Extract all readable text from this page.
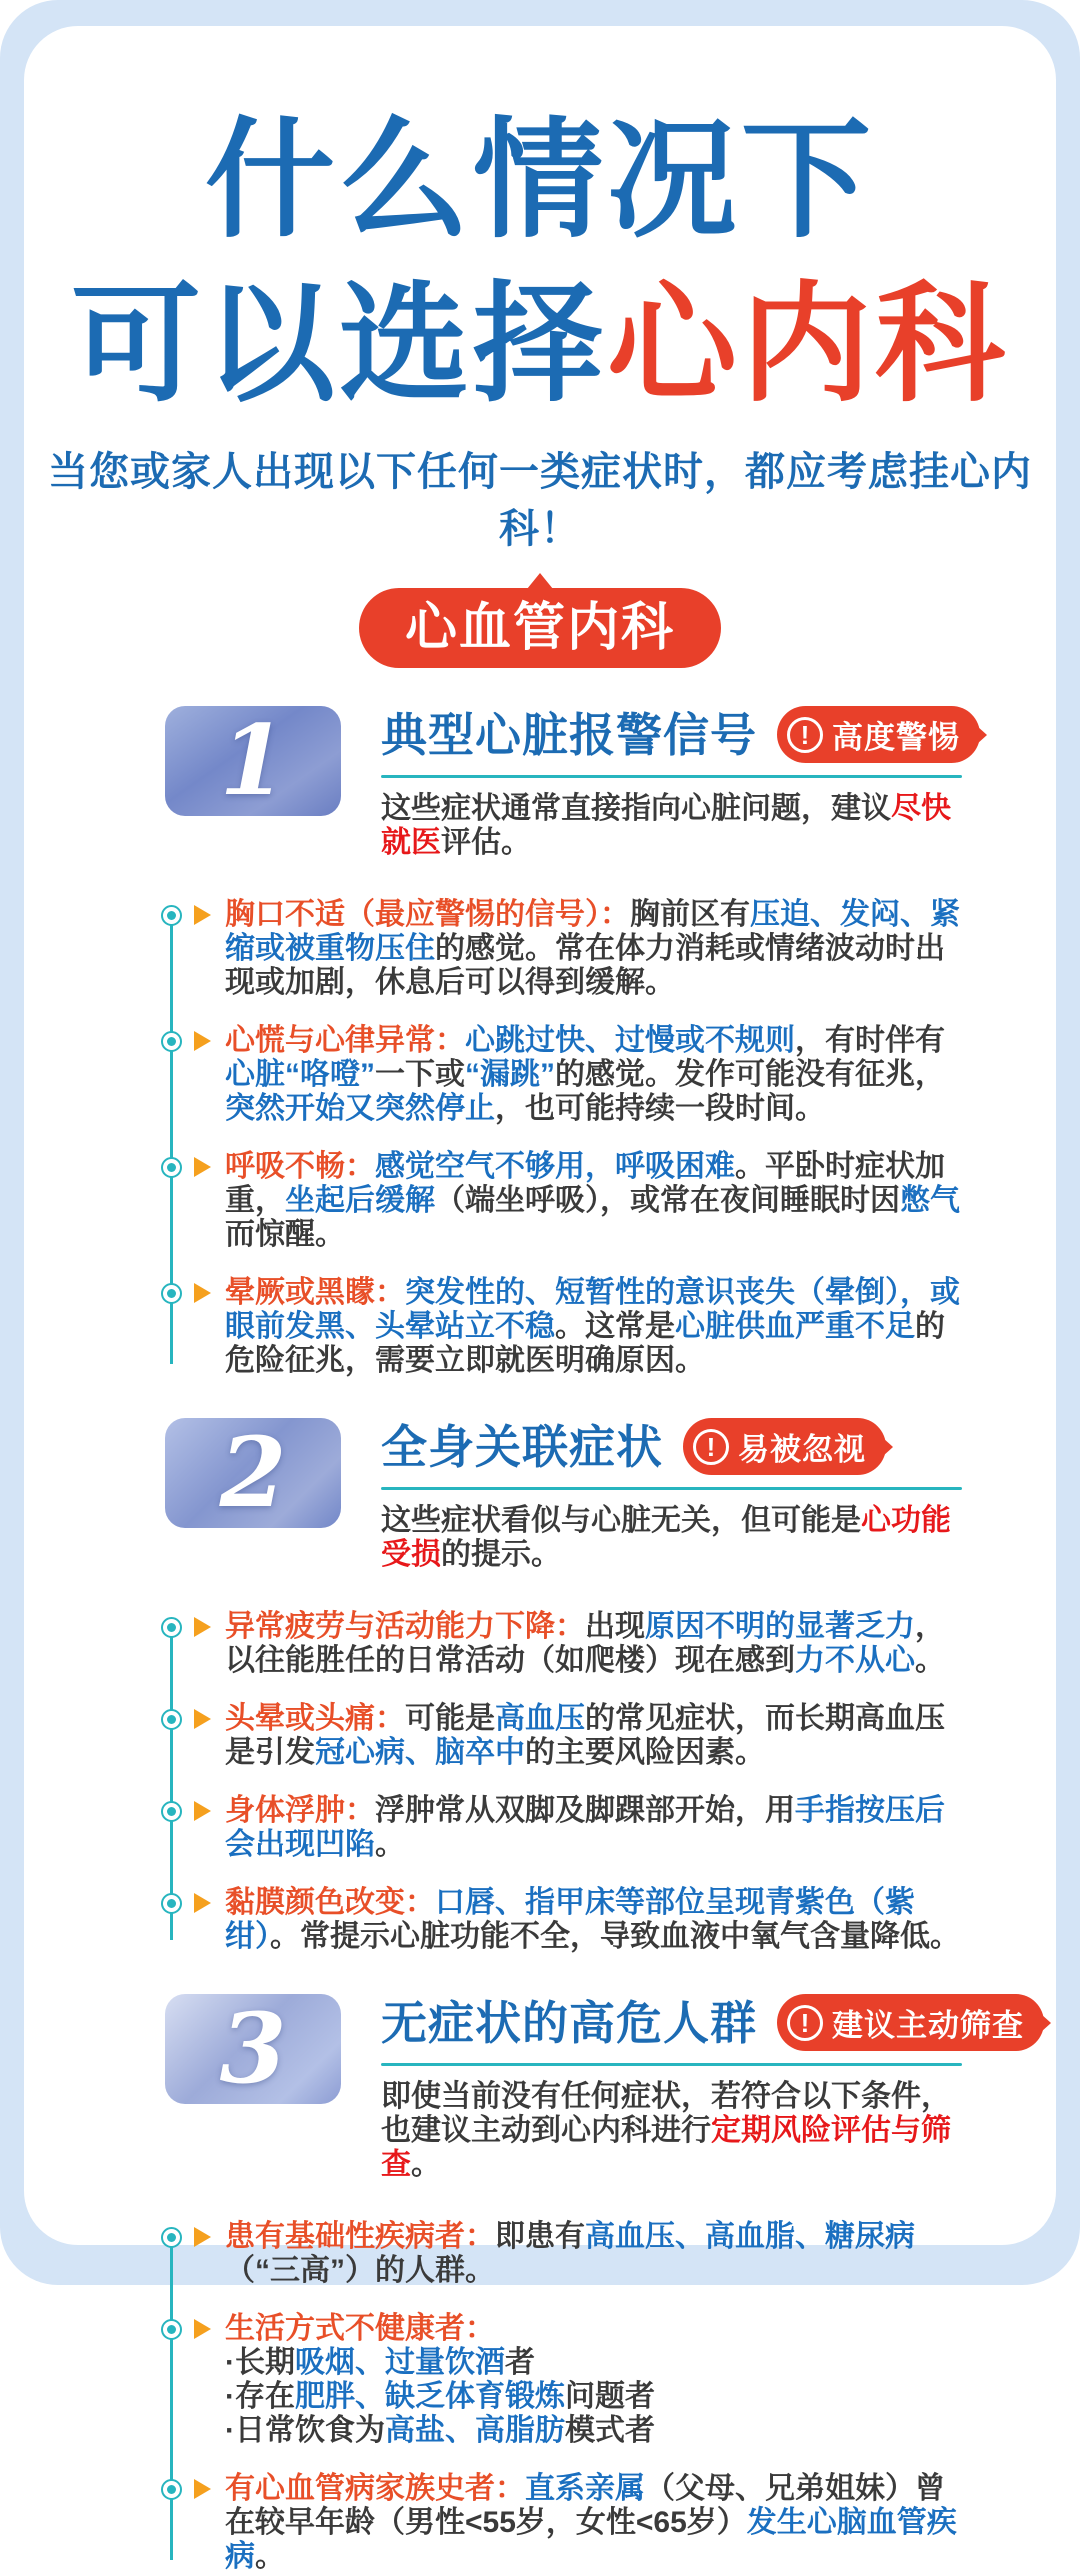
什么情况下
可以选择心内科
当您或家人出现以下任何一类症状时，都应考虑挂心内科！
心血管内科
1 典型心脏报警信号	! 高度警惕

这些症状通常直接指向心脏问题，建议尽快就医评估。

胸口不适（最应警惕的信号）：胸前区有压迫、发闷、紧缩或被重物压住的感觉。常在体力消耗或情绪波动时出现或加剧，休息后可以得到缓解。

心慌与心律异常：心跳过快、过慢或不规则，有时伴有心脏“咯噔”一下或“漏跳”的感觉。发作可能没有征兆，突然开始又突然停止，也可能持续一段时间。

呼吸不畅：感觉空气不够用，呼吸困难。平卧时症状加重，坐起后缓解（端坐呼吸），或常在夜间睡眠时因憋气而惊醒。

晕厥或黑矇：突发性的、短暂性的意识丧失（晕倒），或眼前发黑、头晕站立不稳。这常是心脏供血严重不足的危险征兆，需要立即就医明确原因。

2 全身关联症状	! 易被忽视

这些症状看似与心脏无关，但可能是心功能受损的提示。

异常疲劳与活动能力下降：出现原因不明的显著乏力，以往能胜任的日常活动（如爬楼）现在感到力不从心。

头晕或头痛：可能是高血压的常见症状，而长期高血压是引发冠心病、脑卒中的主要风险因素。

身体浮肿：浮肿常从双脚及脚踝部开始，用手指按压后会出现凹陷。

黏膜颜色改变：口唇、指甲床等部位呈现青紫色（紫绀）。常提示心脏功能不全，导致血液中氧气含量降低。

3 无症状的高危人群	! 建议主动筛查

即使当前没有任何症状，若符合以下条件，也建议主动到心内科进行定期风险评估与筛查。

患有基础性疾病者：即患有高血压、高血脂、糖尿病（“三高”）的人群。

生活方式不健康者：

·长期吸烟、过量饮酒者

·存在肥胖、缺乏体育锻炼问题者

·日常饮食为高盐、高脂肪模式者

有心血管病家族史者：直系亲属（父母、兄弟姐妹）曾在较早年龄（男性<55岁，女性<65岁）发生心脑血管疾病。
